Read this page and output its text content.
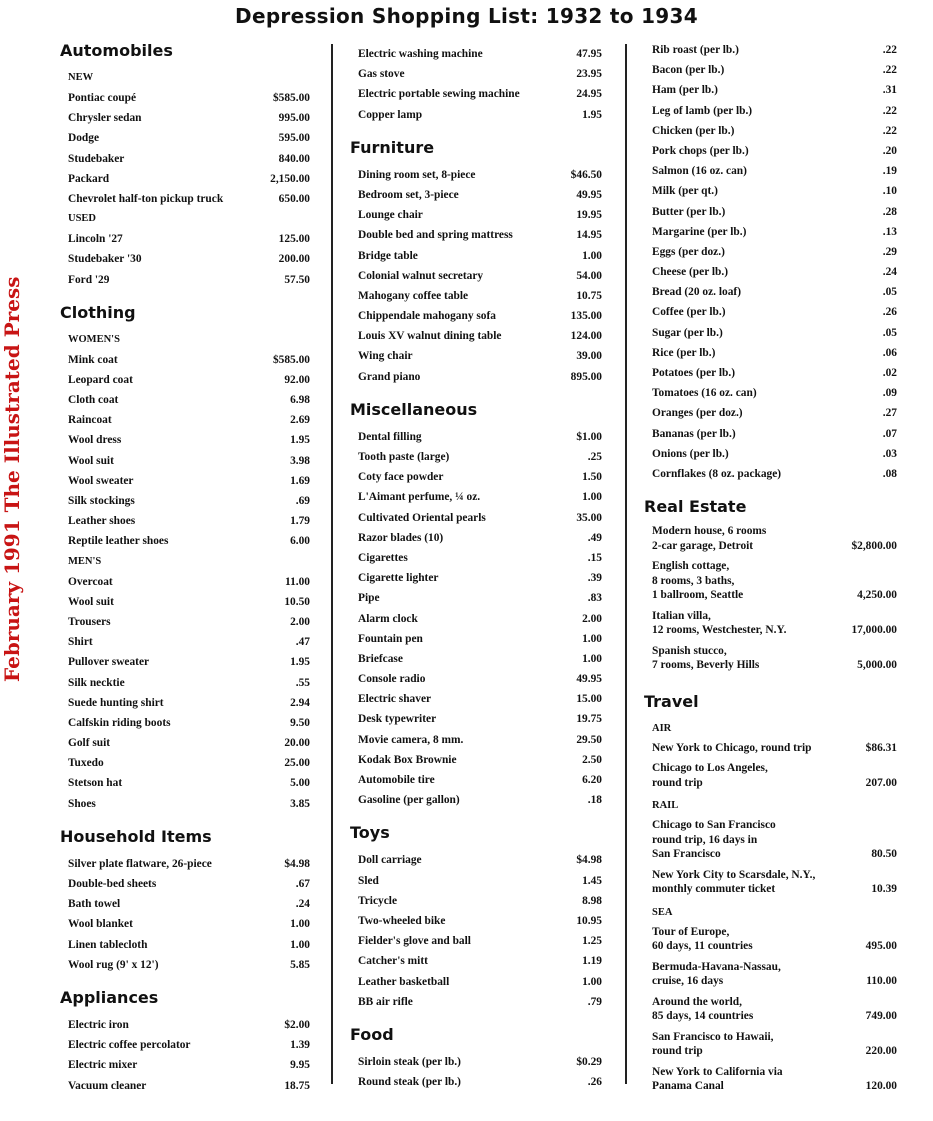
Depression Shopping List: 1932 to 1934
February 1991 The Illustrated Press
Automobiles
NEW
Pontiac coupé	$585.00
Chrysler sedan	995.00
Dodge	595.00
Studebaker	840.00
Packard	2,150.00
Chevrolet half-ton pickup truck	650.00
USED
Lincoln '27	125.00
Studebaker '30	200.00
Ford '29	57.50
Clothing
WOMEN'S
Mink coat	$585.00
Leopard coat	92.00
Cloth coat	6.98
Raincoat	2.69
Wool dress	1.95
Wool suit	3.98
Wool sweater	1.69
Silk stockings	.69
Leather shoes	1.79
Reptile leather shoes	6.00
MEN'S
Overcoat	11.00
Wool suit	10.50
Trousers	2.00
Shirt	.47
Pullover sweater	1.95
Silk necktie	.55
Suede hunting shirt	2.94
Calfskin riding boots	9.50
Golf suit	20.00
Tuxedo	25.00
Stetson hat	5.00
Shoes	3.85
Household Items
Silver plate flatware, 26-piece	$4.98
Double-bed sheets	.67
Bath towel	.24
Wool blanket	1.00
Linen tablecloth	1.00
Wool rug (9' x 12')	5.85
Appliances
Electric iron	$2.00
Electric coffee percolator	1.39
Electric mixer	9.95
Vacuum cleaner	18.75
Electric washing machine	47.95
Gas stove	23.95
Electric portable sewing machine	24.95
Copper lamp	1.95
Furniture
Dining room set, 8-piece	$46.50
Bedroom set, 3-piece	49.95
Lounge chair	19.95
Double bed and spring mattress	14.95
Bridge table	1.00
Colonial walnut secretary	54.00
Mahogany coffee table	10.75
Chippendale mahogany sofa	135.00
Louis XV walnut dining table	124.00
Wing chair	39.00
Grand piano	895.00
Miscellaneous
Dental filling	$1.00
Tooth paste (large)	.25
Coty face powder	1.50
L'Aimant perfume, ¼ oz.	1.00
Cultivated Oriental pearls	35.00
Razor blades (10)	.49
Cigarettes	.15
Cigarette lighter	.39
Pipe	.83
Alarm clock	2.00
Fountain pen	1.00
Briefcase	1.00
Console radio	49.95
Electric shaver	15.00
Desk typewriter	19.75
Movie camera, 8 mm.	29.50
Kodak Box Brownie	2.50
Automobile tire	6.20
Gasoline (per gallon)	.18
Toys
Doll carriage	$4.98
Sled	1.45
Tricycle	8.98
Two-wheeled bike	10.95
Fielder's glove and ball	1.25
Catcher's mitt	1.19
Leather basketball	1.00
BB air rifle	.79
Food
Sirloin steak (per lb.)	$0.29
Round steak (per lb.)	.26
Rib roast (per lb.)	.22
Bacon (per lb.)	.22
Ham (per lb.)	.31
Leg of lamb (per lb.)	.22
Chicken (per lb.)	.22
Pork chops (per lb.)	.20
Salmon (16 oz. can)	.19
Milk (per qt.)	.10
Butter (per lb.)	.28
Margarine (per lb.)	.13
Eggs (per doz.)	.29
Cheese (per lb.)	.24
Bread (20 oz. loaf)	.05
Coffee (per lb.)	.26
Sugar (per lb.)	.05
Rice (per lb.)	.06
Potatoes (per lb.)	.02
Tomatoes (16 oz. can)	.09
Oranges (per doz.)	.27
Bananas (per lb.)	.07
Onions (per lb.)	.03
Cornflakes (8 oz. package)	.08
Real Estate
Modern house, 6 rooms
2-car garage, Detroit	$2,800.00
English cottage,
8 rooms, 3 baths,
1 ballroom, Seattle	4,250.00
Italian villa,
12 rooms, Westchester, N.Y.	17,000.00
Spanish stucco,
7 rooms, Beverly Hills	5,000.00
Travel
AIR
New York to Chicago, round trip	$86.31
Chicago to Los Angeles,
round trip	207.00
RAIL
Chicago to San Francisco
round trip, 16 days in
San Francisco	80.50
New York City to Scarsdale, N.Y.,
monthly commuter ticket	10.39
SEA
Tour of Europe,
60 days, 11 countries	495.00
Bermuda-Havana-Nassau,
cruise, 16 days	110.00
Around the world,
85 days, 14 countries	749.00
San Francisco to Hawaii,
round trip	220.00
New York to California via
Panama Canal	120.00
